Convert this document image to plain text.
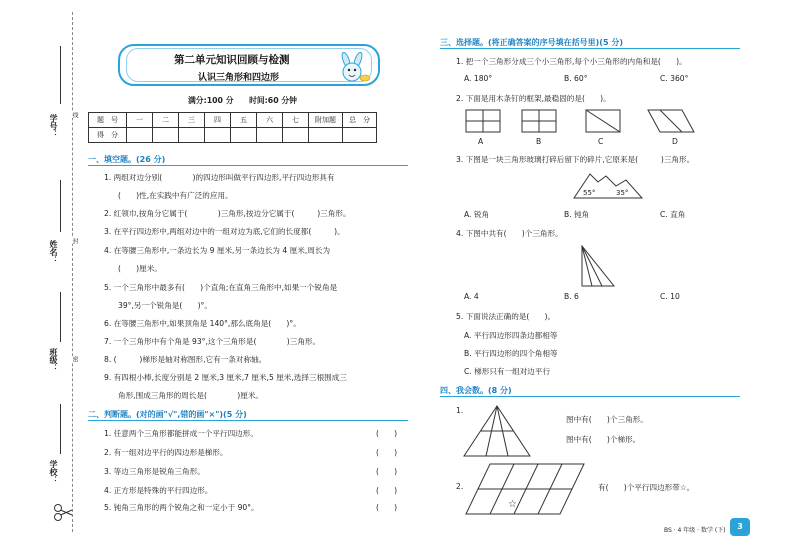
学号：
姓名：
班级：
学校：
线
封
密
第二单元知识回顾与检测
认识三角形和四边形
满分:100 分　　时间:60 分钟
题　号	一	二	三	四	五	六	七	附加题	总　分
得　分									
一、填空题。(26 分)
1. 两组对边分别(　　　　)的四边形叫做平行四边形,平行四边形具有
(　　)性,在实践中有广泛的应用。
2. 红领巾,按角分它属于(　　　　)三角形,按边分它属于(　　　)三角形。
3. 在平行四边形中,两组对边中的一组对边为底,它们的长度都(　　　)。
4. 在等腰三角形中,一条边长为 9 厘米,另一条边长为 4 厘米,周长为
(　　)厘米。
5. 一个三角形中最多有(　　)个直角;在直角三角形中,如果一个锐角是
39°,另一个锐角是(　　)°。
6. 在等腰三角形中,如果顶角是 140°,那么底角是(　　)°。
7. 一个三角形中有个角是 93°,这个三角形是(　　　　)三角形。
8. (　　　)梯形是轴对称图形,它有一条对称轴。
9. 有四根小棒,长度分别是 2 厘米,3 厘米,7 厘米,5 厘米,选择三根围成三
角形,围成三角形的周长是(　　　　)厘米。
二、判断题。(对的画"√",错的画"×")(5 分)
1. 任意两个三角形都能拼成一个平行四边形。	(　　)
2. 有一组对边平行的四边形是梯形。	(　　)
3. 等边三角形是锐角三角形。	(　　)
4. 正方形是特殊的平行四边形。	(　　)
5. 钝角三角形的两个锐角之和一定小于 90°。	(　　)
三、选择题。(将正确答案的序号填在括号里)(5 分)
1. 把一个三角形分成三个小三角形,每个小三角形的内角和是(　　)。
A. 180°	B. 60°	C. 360°
2. 下面是用木条钉的框架,最稳固的是(　　)。
A	B	C	D
3. 下图是一块三角形玻璃打碎后留下的碎片,它原来是(　　　)三角形。
55°	35°
A. 锐角	B. 钝角	C. 直角
4. 下图中共有(　　)个三角形。
A. 4	B. 6	C. 10
5. 下面说法正确的是(　　)。
A. 平行四边形四条边都相等
B. 平行四边形的四个角相等
C. 梯形只有一组对边平行
四、我会数。(8 分)
1.
图中有(　　)个三角形。
图中有(　　)个梯形。
2.
☆
有(　　)个平行四边形带☆。
BS · 4 年级 · 数学 (下)	3
